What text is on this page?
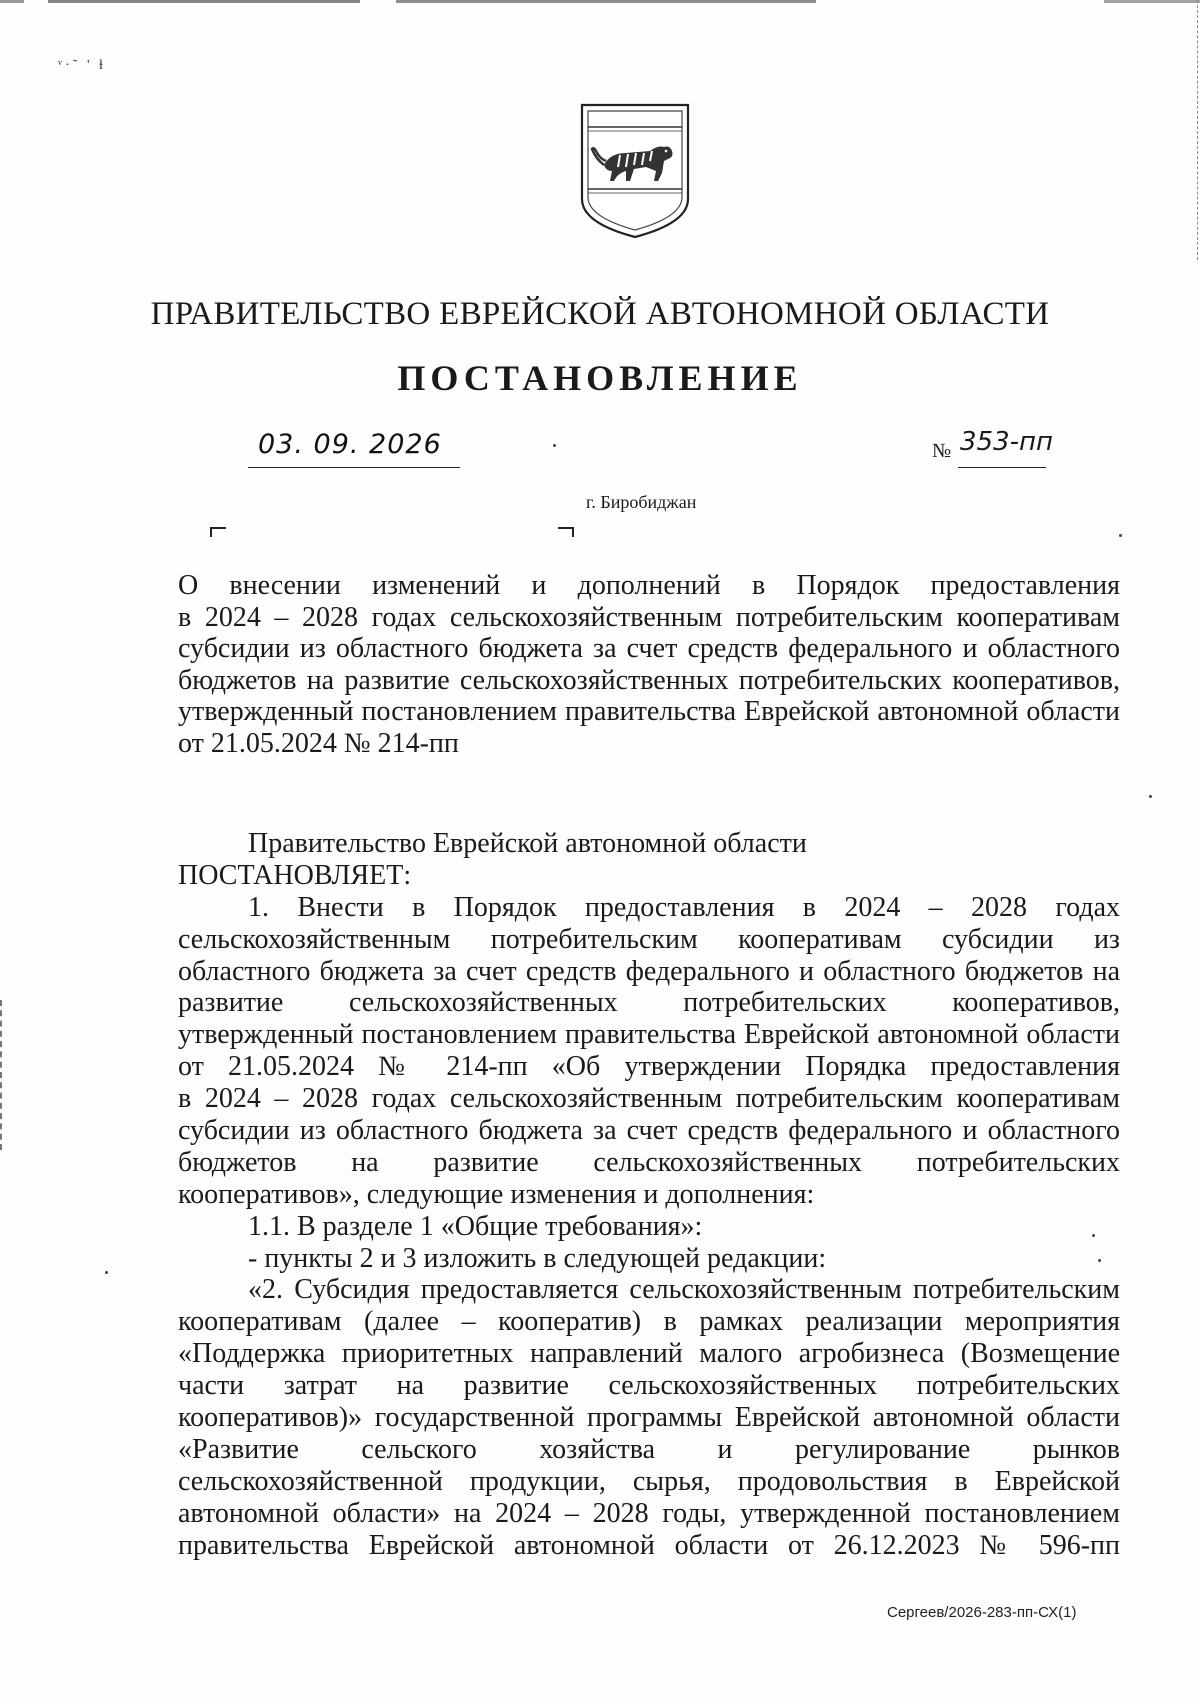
ᵛ·˜ ' ɫ
ПРАВИТЕЛЬСТВО ЕВРЕЙСКОЙ АВТОНОМНОЙ ОБЛАСТИ
ПОСТАНОВЛЕНИЕ
03. 09. 2026	№ 353-пп
г. Биробиджан
О внесении изменений и дополнений в Порядок предоставления
в 2024 – 2028 годах сельскохозяйственным потребительским кооперативам
субсидии из областного бюджета за счет средств федерального и областного
бюджетов на развитие сельскохозяйственных потребительских кооперативов,
утвержденный постановлением правительства Еврейской автономной области
от 21.05.2024 № 214-пп
Правительство Еврейской автономной области
ПОСТАНОВЛЯЕТ:
1. Внести в Порядок предоставления в 2024 – 2028 годах
сельскохозяйственным потребительским кооперативам субсидии из
областного бюджета за счет средств федерального и областного бюджетов на
развитие сельскохозяйственных потребительских кооперативов,
утвержденный постановлением правительства Еврейской автономной области
от 21.05.2024 № 214-пп «Об утверждении Порядка предоставления
в 2024 – 2028 годах сельскохозяйственным потребительским кооперативам
субсидии из областного бюджета за счет средств федерального и областного
бюджетов на развитие сельскохозяйственных потребительских
кооперативов», следующие изменения и дополнения:
1.1. В разделе 1 «Общие требования»:
- пункты 2 и 3 изложить в следующей редакции:
«2. Субсидия предоставляется сельскохозяйственным потребительским
кооперативам (далее – кооператив) в рамках реализации мероприятия
«Поддержка приоритетных направлений малого агробизнеса (Возмещение
части затрат на развитие сельскохозяйственных потребительских
кооперативов)» государственной программы Еврейской автономной области
«Развитие сельского хозяйства и регулирование рынков
сельскохозяйственной продукции, сырья, продовольствия в Еврейской
автономной области» на 2024 – 2028 годы, утвержденной постановлением
правительства Еврейской автономной области от 26.12.2023 № 596-пп
Сергеев/2026-283-пп-СХ(1)
